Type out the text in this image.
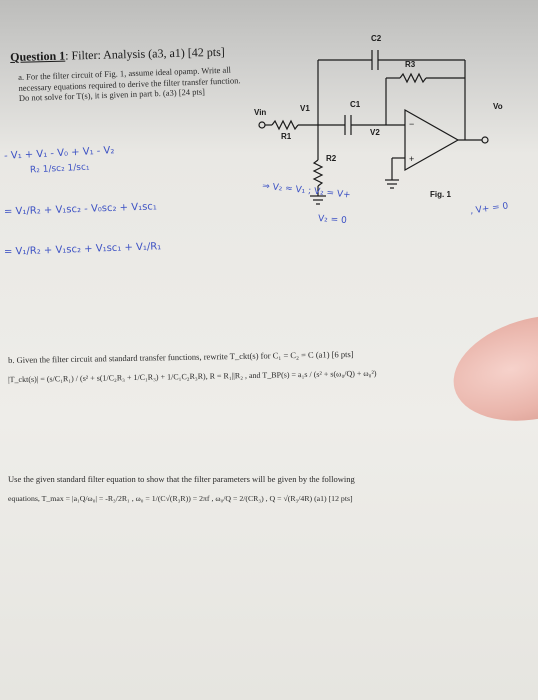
Question 1: Filter: Analysis (a3, a1) [42 pts]
a. For the filter circuit of Fig. 1, assume ideal opamp. Write all necessary equations required to derive the filter transfer function. Do not solve for T(s), it is given in part b. (a3) [24 pts]
−
+
Vin	V1
V2
Vo
R1
R2
R3
C1
C2
Fig. 1
- V₁ + V₁ - V₀ + V₁ - V₂
R₂ 1/sc₂ 1/sc₁
= V₁/R₂ + V₁sc₂ - V₀sc₂ + V₁sc₁
= V₁/R₂ + V₁sc₂ + V₁sc₁ + V₁/R₁
⇒ V₂ ≈ V₁ ; V₂ = V+
V₂ = 0
, V+ = 0
b. Given the filter circuit and standard transfer functions, rewrite T_ckt(s) for C₁ = C₂ = C (a1) [6 pts]
|T_ckt(s)| = (s/C₁R₁) / (s² + s(1/C₂R₃ + 1/C₁R₃) + 1/C₁C₂R₃R), R = R₁||R₂ , and T_BP(s) = a₁s / (s² + s(ω₀/Q) + ω₀²)
Use the given standard filter equation to show that the filter parameters will be given by the following
equations, T_max = |a₁Q/ω₀| = -R₃/2R₁ , ω₀ = 1/(C√(R₃R)) = 2πf , ω₀/Q = 2/(CR₃) , Q = √(R₃/4R) (a1) [12 pts]
